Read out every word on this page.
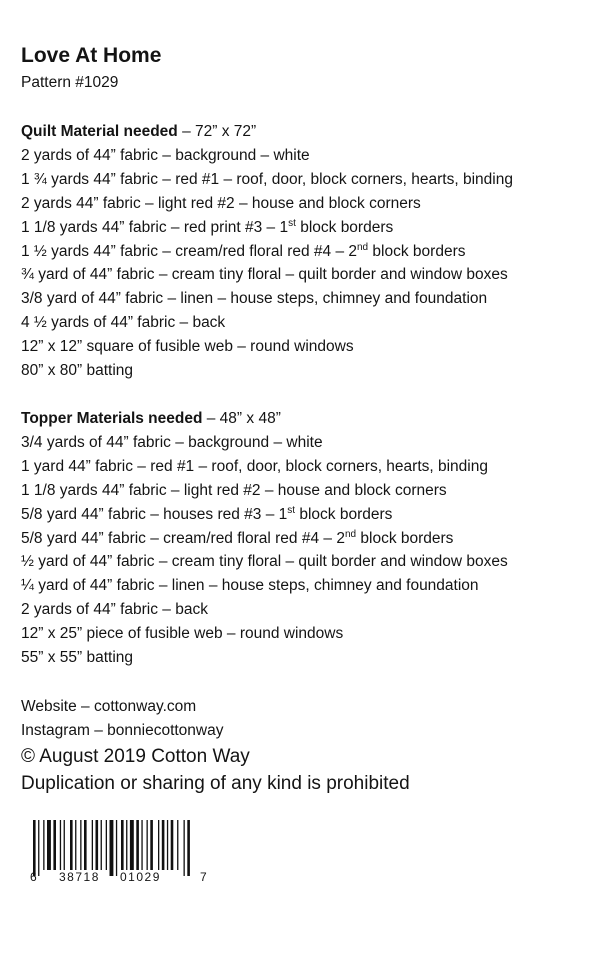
Love At Home
Pattern #1029
Quilt Material needed – 72” x 72”
2 yards of 44” fabric – background – white
1 ¾ yards 44” fabric – red #1 – roof, door, block corners, hearts, binding
2 yards 44” fabric – light red #2 – house and block corners
1 1/8 yards 44” fabric – red print #3 – 1st block borders
1 ½ yards 44” fabric – cream/red floral red #4 – 2nd block borders
¾ yard of 44” fabric – cream tiny floral – quilt border and window boxes
3/8 yard of 44” fabric – linen – house steps, chimney and foundation
4 ½ yards of 44” fabric – back
12” x 12” square of fusible web – round windows
80” x 80” batting
Topper Materials needed – 48” x 48”
3/4 yards of 44” fabric – background – white
1 yard 44” fabric – red #1 – roof, door, block corners, hearts, binding
1 1/8 yards 44” fabric – light red #2 – house and block corners
5/8 yard 44” fabric – houses red #3 – 1st block borders
5/8 yard 44” fabric – cream/red floral red #4 – 2nd block borders
½ yard of 44” fabric – cream tiny floral – quilt border and window boxes
¼ yard of 44” fabric – linen – house steps, chimney and foundation
2 yards of 44” fabric – back
12” x 25” piece of fusible web – round windows
55” x 55” batting
Website – cottonway.com
Instagram – bonniecottonway
© August 2019 Cotton Way
Duplication or sharing of any kind is prohibited
6 38718 01029	7
